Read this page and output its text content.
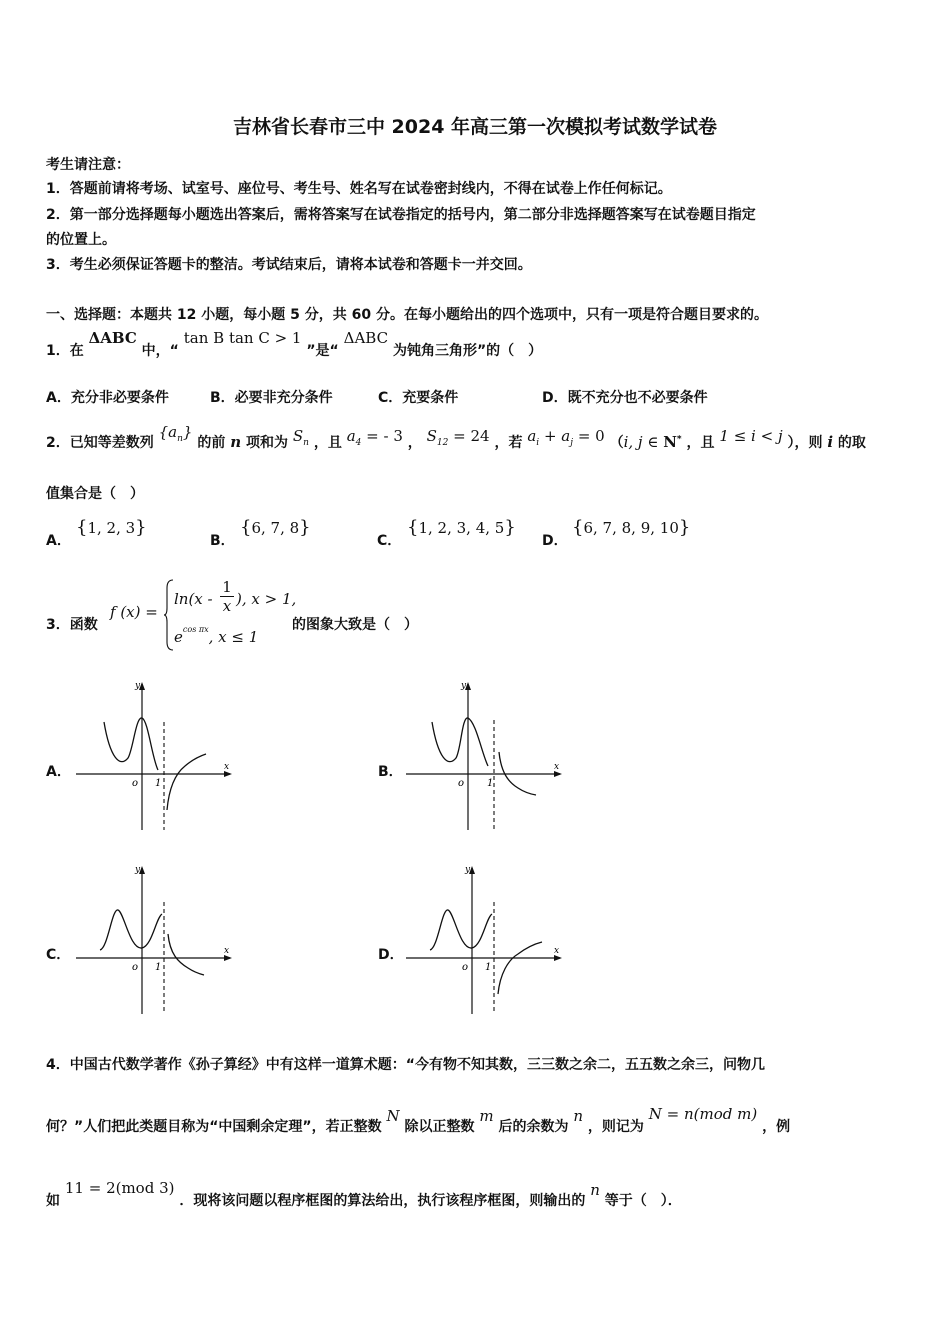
吉林省长春市三中 2024 年高三第一次模拟考试数学试卷
考生请注意：
1．答题前请将考场、试室号、座位号、考生号、姓名写在试卷密封线内，不得在试卷上作任何标记。
2．第一部分选择题每小题选出答案后，需将答案写在试卷指定的括号内，第二部分非选择题答案写在试卷题目指定
的位置上。
3．考生必须保证答题卡的整洁。考试结束后，请将本试卷和答题卡一并交回。
一、选择题：本题共 12 小题，每小题 5 分，共 60 分。在每小题给出的四个选项中，只有一项是符合题目要求的。
1．在 ΔABC 中，“ tan B tan C > 1 ”是“ ΔABC 为钝角三角形”的（　）
A．充分非必要条件	B．必要非充分条件	C．充要条件	D．既不充分也不必要条件
2．已知等差数列 $\{a_n\}$ 的前 n 项和为 $S_n$ ，且 $a_4$ = - 3 ， $S_{12} = 24$ ，若 $a_i + a_j = 0$ （i, j ∈ N* ，且 1 ≤ i < j ），则 i 的取
值集合是（　）
A．
{1, 2, 3}
B．
{6, 7, 8}
C．
{1, 2, 3, 4, 5}
D．
{6, 7, 8, 9, 10}
3．函数
f (x) =
$\ln(x - \frac{1}{x}$ ), x > 1,
$e^{cos \pi x}$, x ≤ 1
的图象大致是（　）
A．	B．
C．	D．
x
y
o 1
x
y
o 1
x
y
o 1
x
y
o 1
4．中国古代数学著作《孙子算经》中有这样一道算术题：“今有物不知其数，三三数之余二，五五数之余三，问物几
何？”人们把此类题目称为“中国剩余定理”，若正整数 N 除以正整数 m 后的余数为 n ，则记为 N = n(mod m) ，例
如 11 = 2(mod 3) ．现将该问题以程序框图的算法给出，执行该程序框图，则输出的 n 等于（　）．
